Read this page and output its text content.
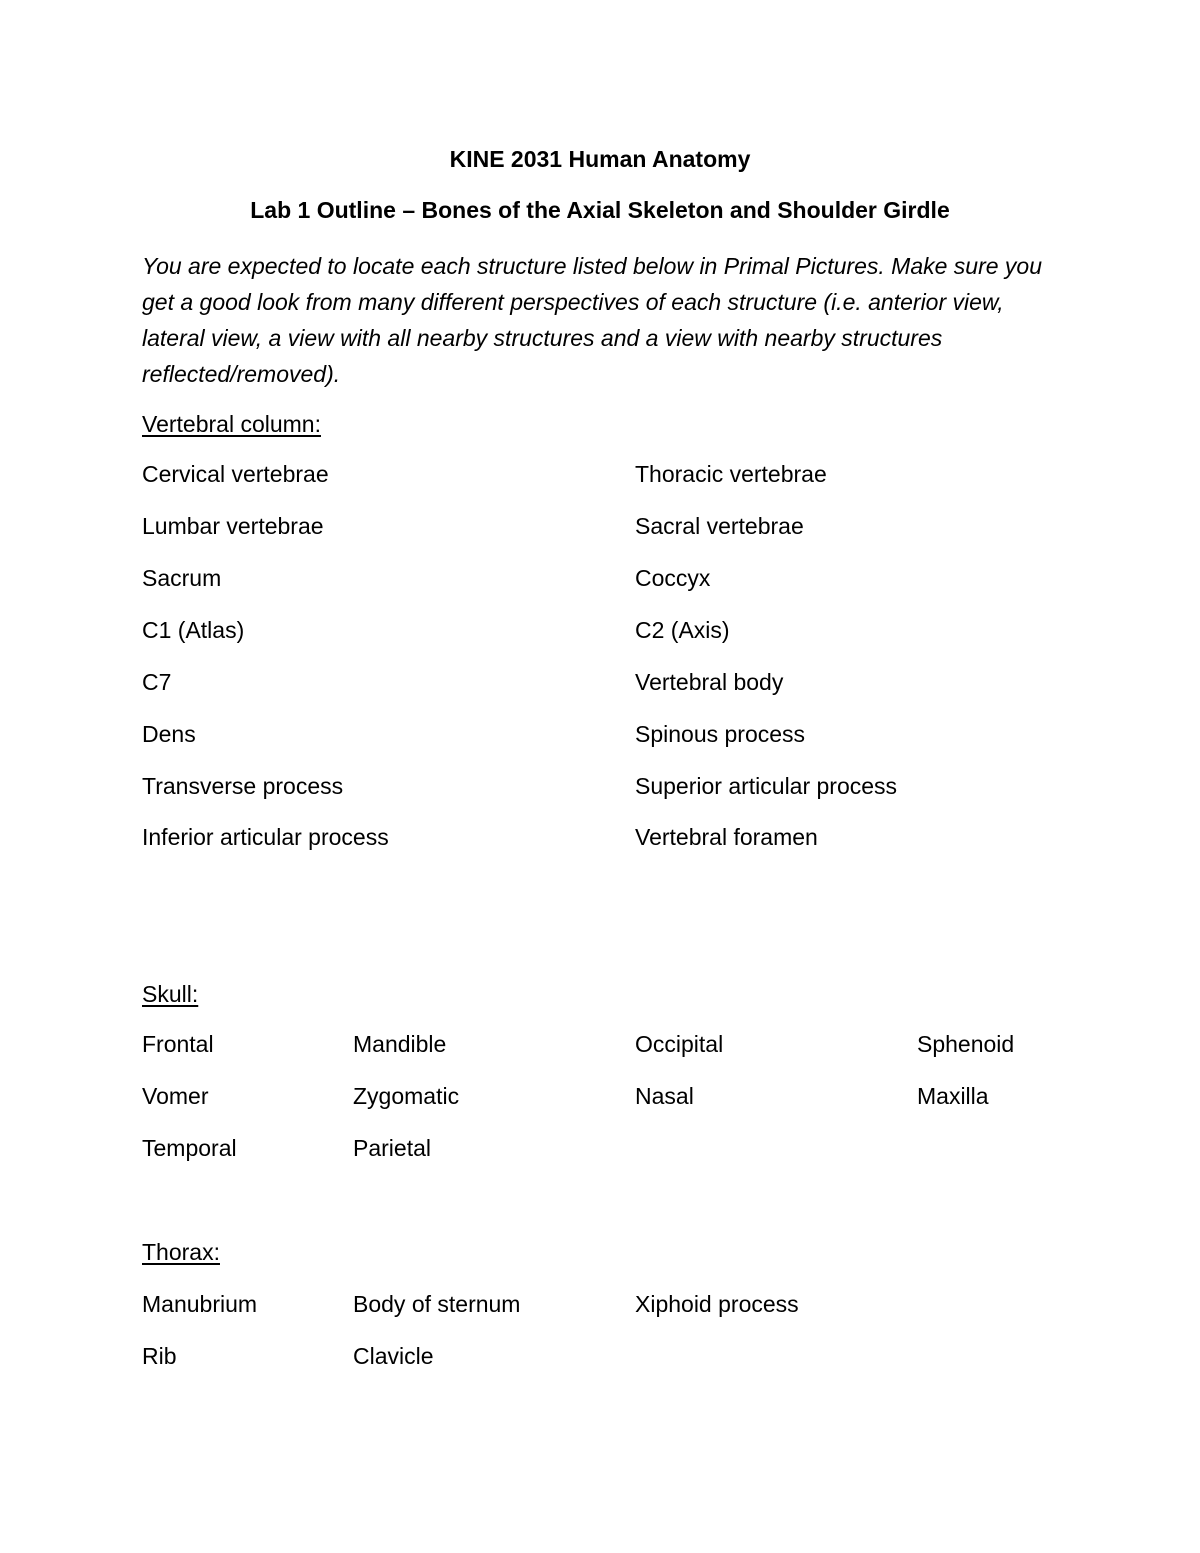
KINE 2031 Human Anatomy
Lab 1 Outline – Bones of the Axial Skeleton and Shoulder Girdle
You are expected to locate each structure listed below in Primal Pictures. Make sure you get a good look from many different perspectives of each structure (i.e. anterior view, lateral view, a view with all nearby structures and a view with nearby structures reflected/removed).
Vertebral column:
Cervical vertebrae	Thoracic vertebrae
Lumbar vertebrae	Sacral vertebrae
Sacrum	Coccyx
C1 (Atlas)	C2 (Axis)
C7	Vertebral body
Dens	Spinous process
Transverse process	Superior articular process
Inferior articular process	Vertebral foramen
Skull:
Frontal	Mandible	Occipital	Sphenoid
Vomer	Zygomatic	Nasal	Maxilla
Temporal	Parietal
Thorax:
Manubrium	Body of sternum	Xiphoid process
Rib	Clavicle
